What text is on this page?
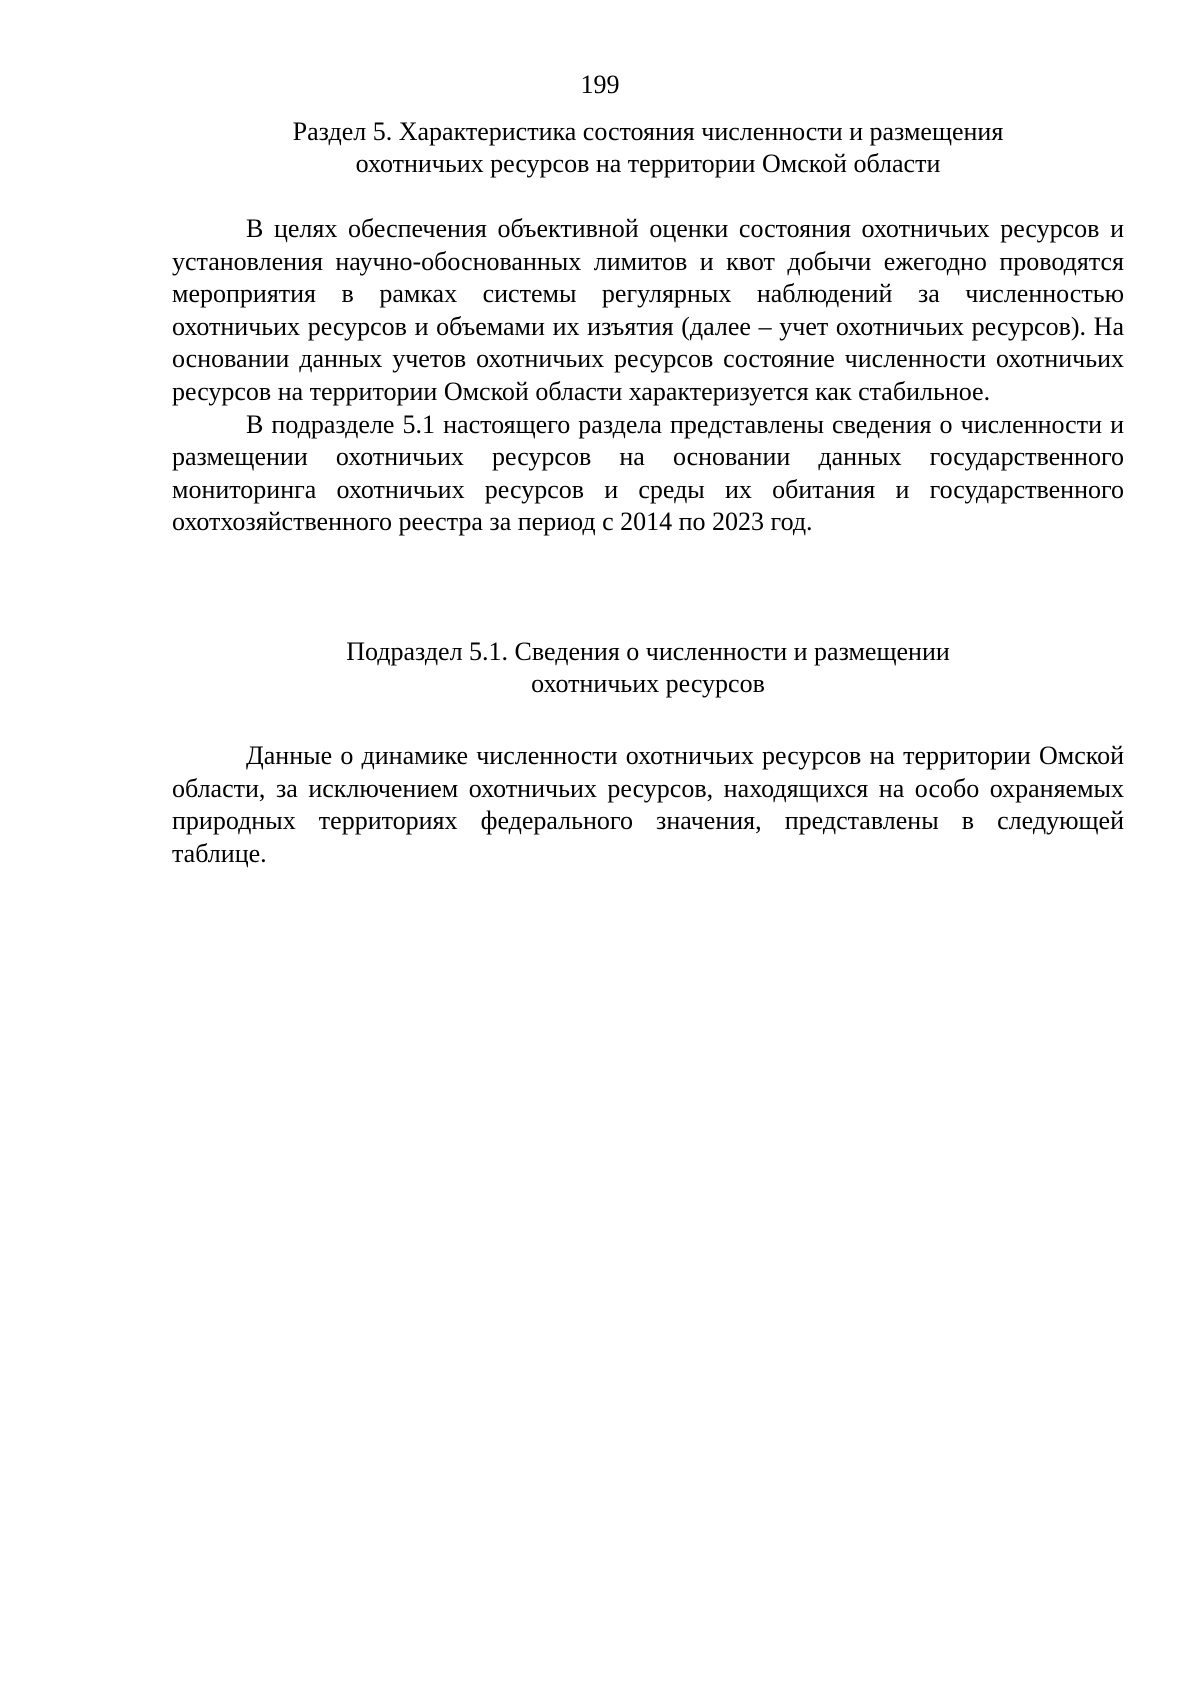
199
Раздел 5. Характеристика состояния численности и размещения
охотничьих ресурсов на территории Омской области

В целях обеспечения объективной оценки состояния охотничьих ресурсов и установления научно-обоснованных лимитов и квот добычи ежегодно проводятся мероприятия в рамках системы регулярных наблюдений за численностью охотничьих ресурсов и объемами их изъятия (далее – учет охотничьих ресурсов). На основании данных учетов охотничьих ресурсов состояние численности охотничьих ресурсов на территории Омской области характеризуется как стабильное.

В подразделе 5.1 настоящего раздела представлены сведения о численности и размещении охотничьих ресурсов на основании данных государственного мониторинга охотничьих ресурсов и среды их обитания и государственного охотхозяйственного реестра за период с 2014 по 2023 год.

Подраздел 5.1. Сведения о численности и размещении
охотничьих ресурсов

Данные о динамике численности охотничьих ресурсов на территории Омской области, за исключением охотничьих ресурсов, находящихся на особо охраняемых природных территориях федерального значения, представлены в следующей таблице.
